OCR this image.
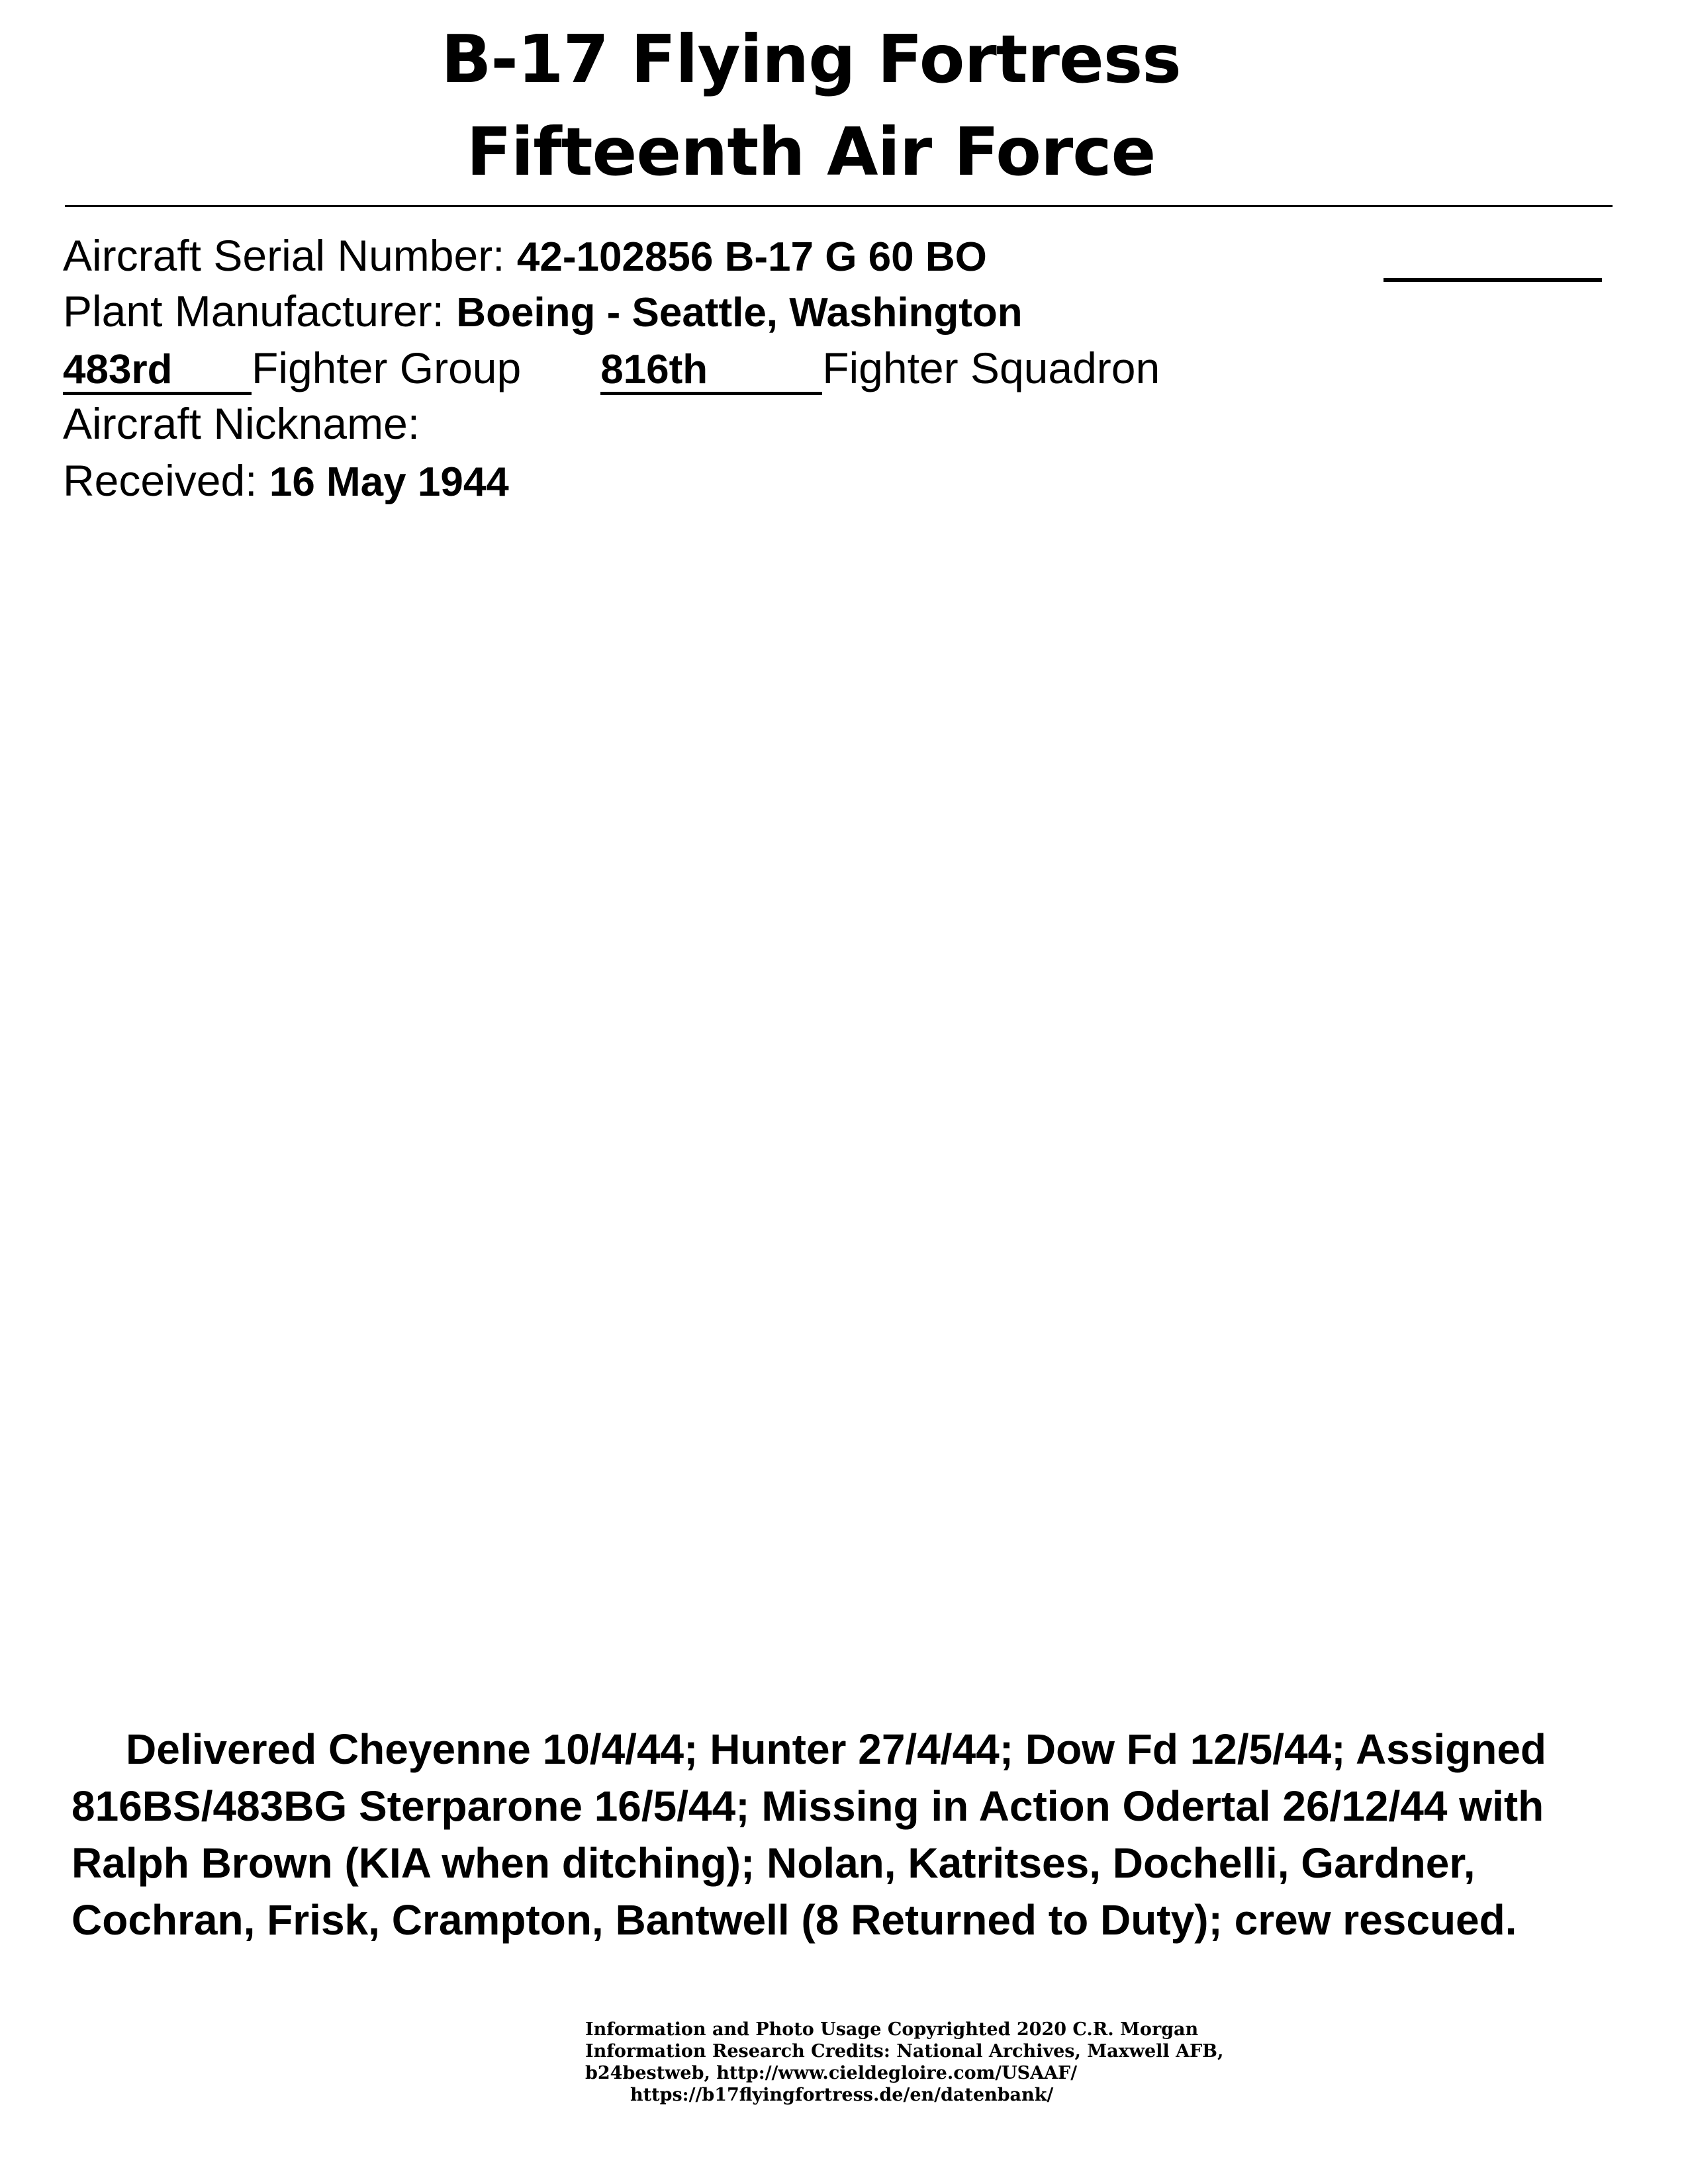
B-17 Flying Fortress
Fifteenth Air Force
Aircraft Serial Number: 42-102856 B-17 G 60 BO
Plant Manufacturer: Boeing - Seattle, Washington
483rd Fighter Group 816th	Fighter Squadron
Aircraft Nickname:
Received: 16 May 1944

Delivered Cheyenne 10/4/44; Hunter 27/4/44; Dow Fd 12/5/44; Assigned 816BS/483BG Sterparone 16/5/44; Missing in Action Odertal 26/12/44 with Ralph Brown (KIA when ditching); Nolan, Katritses, Dochelli, Gardner, Cochran, Frisk, Crampton, Bantwell (8 Returned to Duty); crew rescued.

Information and Photo Usage Copyrighted 2020 C.R. Morgan
Information Research Credits: National Archives, Maxwell AFB,
b24bestweb, http://www.cieldegloire.com/USAAF/
https://b17flyingfortress.de/en/datenbank/
